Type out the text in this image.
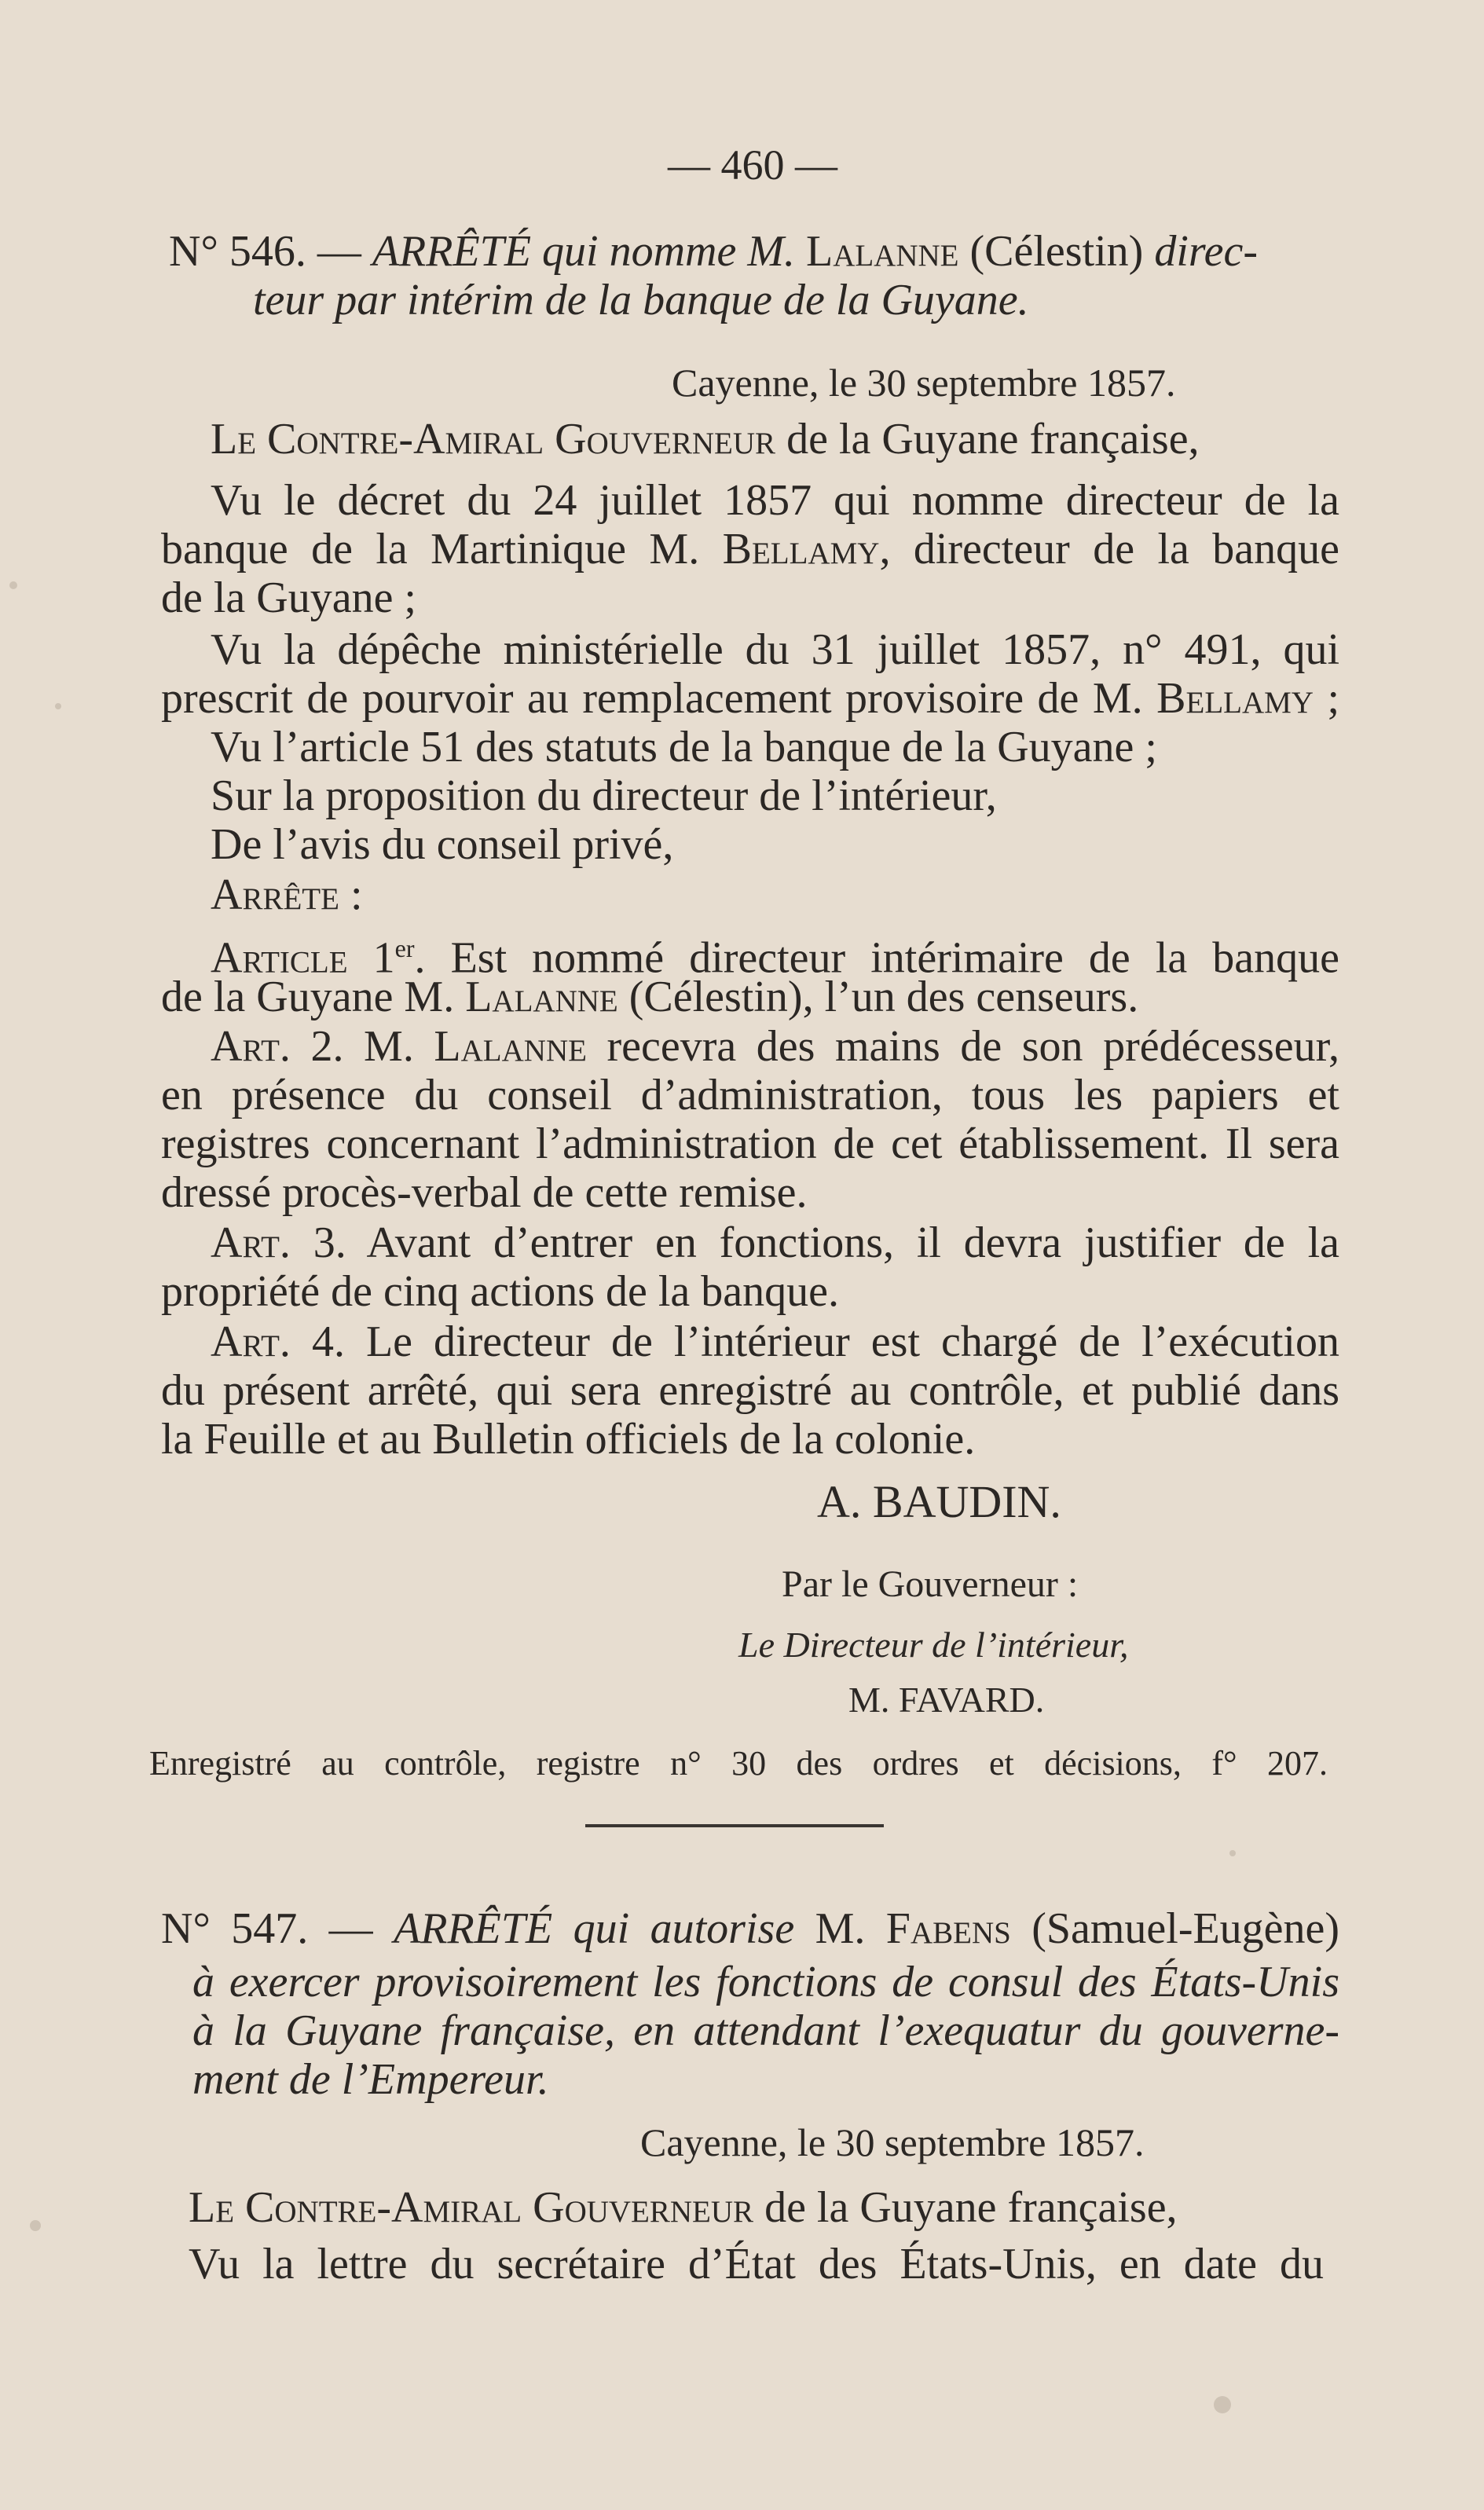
— 460 —
N° 546. — ARRÊTÉ qui nomme M. Lalanne (Célestin) direc-
teur par intérim de la banque de la Guyane.
Cayenne, le 30 septembre 1857.
Le Contre-Amiral Gouverneur de la Guyane française,
Vu le décret du 24 juillet 1857 qui nomme directeur de la
banque de la Martinique M. Bellamy, directeur de la banque
de la Guyane ;
Vu la dépêche ministérielle du 31 juillet 1857, n° 491, qui
prescrit de pourvoir au remplacement provisoire de M. Bellamy ;
Vu l’article 51 des statuts de la banque de la Guyane ;
Sur la proposition du directeur de l’intérieur,
De l’avis du conseil privé,
Arrête :
Article 1er. Est nommé directeur intérimaire de la banque
de la Guyane M. Lalanne (Célestin), l’un des censeurs.
Art. 2. M. Lalanne recevra des mains de son prédécesseur,
en présence du conseil d’administration, tous les papiers et
registres concernant l’administration de cet établissement. Il sera
dressé procès-verbal de cette remise.
Art. 3. Avant d’entrer en fonctions, il devra justifier de la
propriété de cinq actions de la banque.
Art. 4. Le directeur de l’intérieur est chargé de l’exécution
du présent arrêté, qui sera enregistré au contrôle, et publié dans
la Feuille et au Bulletin officiels de la colonie.
A. BAUDIN.
Par le Gouverneur :
Le Directeur de l’intérieur,
M. FAVARD.
Enregistré au contrôle, registre n° 30 des ordres et décisions, f° 207.
N° 547. — ARRÊTÉ qui autorise M. Fabens (Samuel-Eugène)
à exercer provisoirement les fonctions de consul des États-Unis
à la Guyane française, en attendant l’exequatur du gouverne-
ment de l’Empereur.
Cayenne, le 30 septembre 1857.
Le Contre-Amiral Gouverneur de la Guyane française,
Vu la lettre du secrétaire d’État des États-Unis, en date du
